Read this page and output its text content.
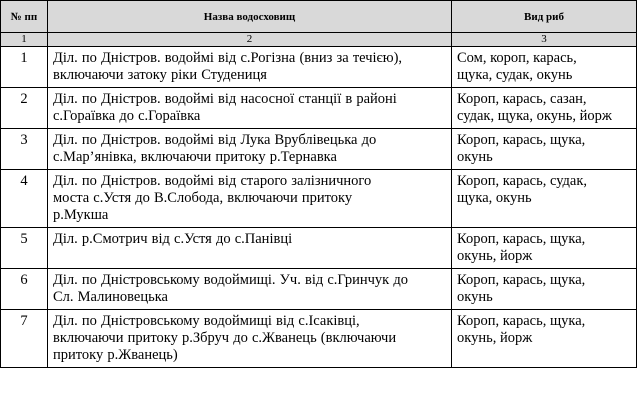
№ пп	Назва водосховищ	Вид риб
1	2	3
1	Діл. по Дністров. водоймі від с.Рогізна (вниз за течією),
включаючи затоку ріки Студениця	Сом, короп, карась,
щука, судак, окунь

2	Діл. по Дністров. водоймі від насосної станції в районі
с.Гораївка до с.Гораївка	Короп, карась, сазан,
судак, щука, окунь, йорж

3	Діл. по Дністров. водоймі від Лука Врублівецька до
с.Мар’янівка, включаючи притоку р.Тернавка	Короп, карась, щука,
окунь

4	Діл. по Дністров. водоймі від старого залізничного
моста с.Устя до В.Слобода, включаючи притоку
р.Мукша	Короп, карась, судак,
щука, окунь

5	Діл. р.Смотрич від с.Устя до с.Панівці	Короп, карась, щука,
окунь, йорж

6	Діл. по Дністровському водоймищі. Уч. від с.Гринчук до
Сл. Малиновецька	Короп, карась, щука,
окунь

7	Діл. по Дністровському водоймищі від с.Ісаківці,
включаючи притоку р.Збруч до с.Жванець (включаючи
притоку р.Жванець)	Короп, карась, щука,
окунь, йорж
